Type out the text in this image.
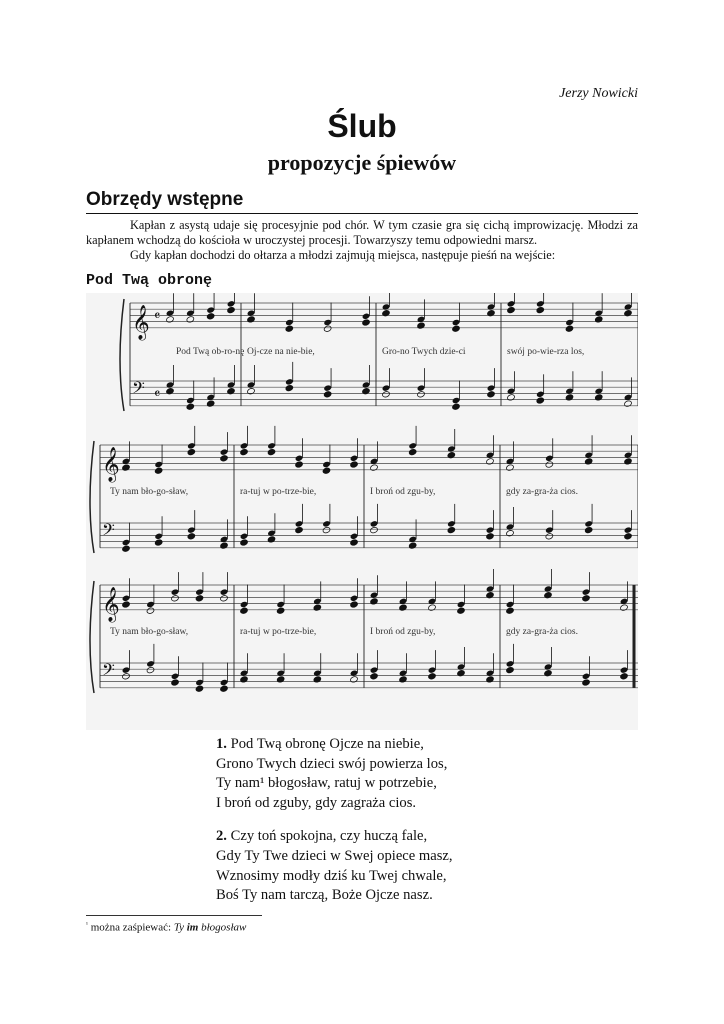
Jerzy Nowicki
Ślub
propozycje śpiewów
Obrzędy wstępne

Kapłan z asystą udaje się procesyjnie pod chór. W tym czasie gra się cichą improwizację. Młodzi za kapłanem wchodzą do kościoła w uroczystej procesji. Towarzyszy temu odpowiedni marsz.

Gdy kapłan dochodzi do ołtarza a młodzi zajmują miejsca, następuje pieśń na wejście:

Pod Twą obronę
𝄞 𝄴
𝄢 𝄴
𝄞
𝄢
𝄞
𝄢
Pod Twą ob-ro-nę Oj-cze na nie-bie,	Gro-no Twych dzie-ci	swój po-wie-rza los,
Ty nam bło-go-sław,	ra-tuj w po-trze-bie,	I broń od zgu-by,	gdy za-gra-ża cios.
Ty nam bło-go-sław,	ra-tuj w po-trze-bie,	I broń od zgu-by,	gdy za-gra-ża cios.
1. Pod Twą obronę Ojcze na niebie,
Grono Twych dzieci swój powierza los,
Ty nam¹ błogosław, ratuj w potrzebie,
I broń od zguby, gdy zagraża cios.
2. Czy toń spokojna, czy huczą fale,
Gdy Ty Twe dzieci w Swej opiece masz,
Wznosimy modły dziś ku Twej chwale,
Boś Ty nam tarczą, Boże Ojcze nasz.
$^{^1}$ można zaśpiewać: Ty im błogosław
